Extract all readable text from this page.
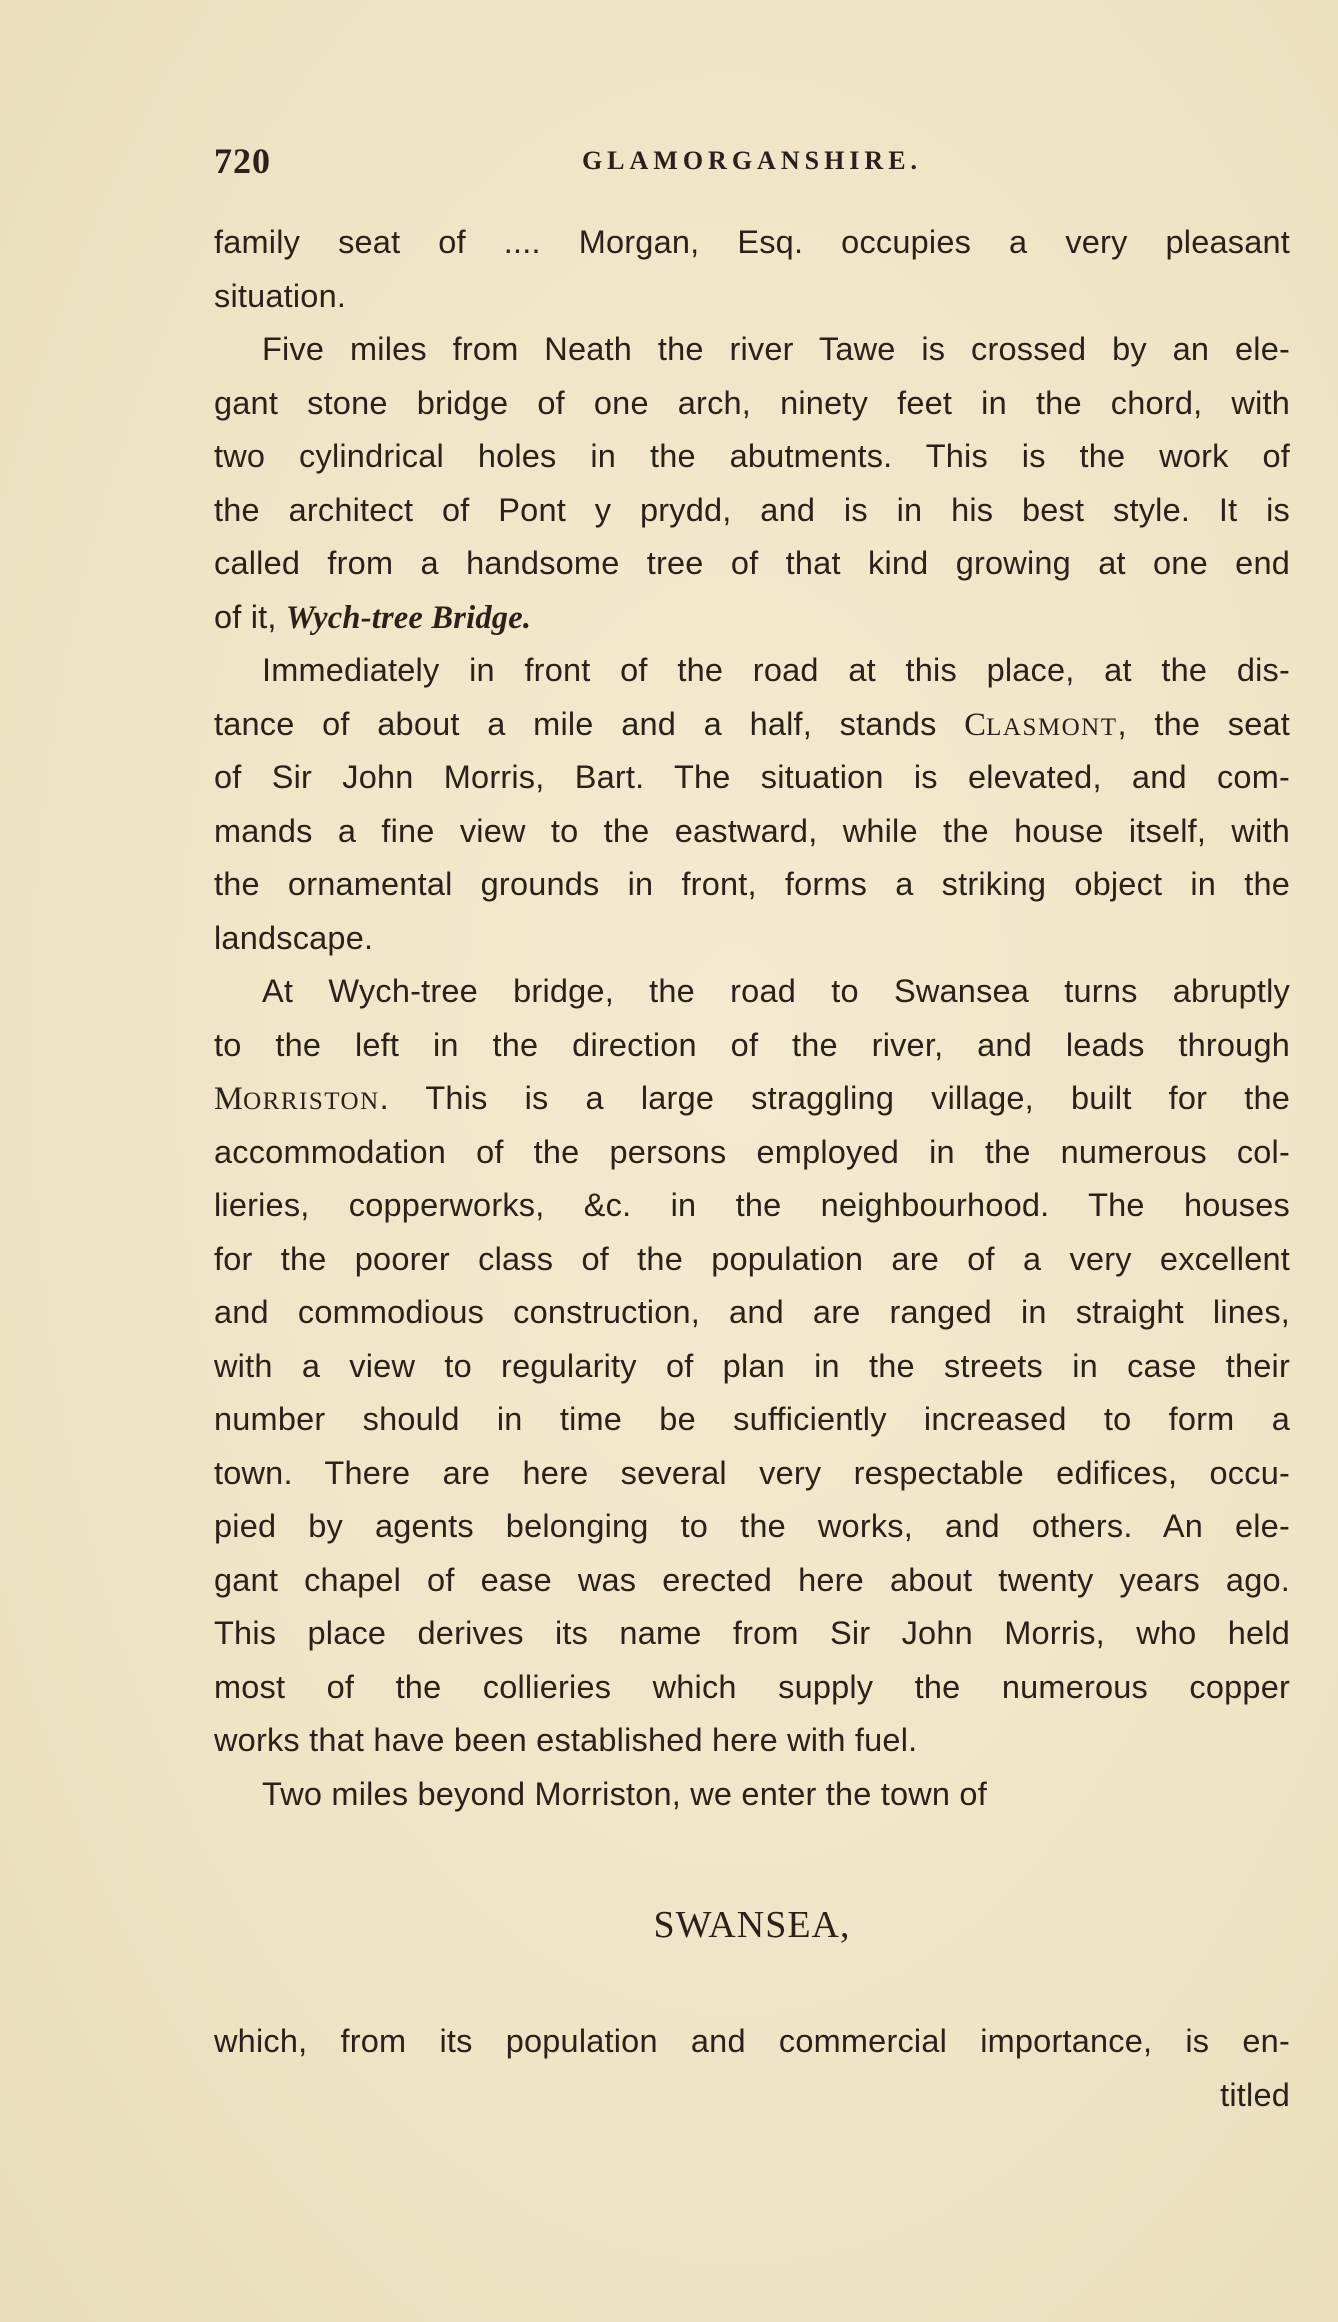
720	GLAMORGANSHIRE.
family seat of .... Morgan, Esq. occupies a very pleasant
situation.
Five miles from Neath the river Tawe is crossed by an ele-
gant stone bridge of one arch, ninety feet in the chord, with
two cylindrical holes in the abutments. This is the work of
the architect of Pont y prydd, and is in his best style. It is
called from a handsome tree of that kind growing at one end
of it, Wych-tree Bridge.
Immediately in front of the road at this place, at the dis-
tance of about a mile and a half, stands CLASMONT, the seat
of Sir John Morris, Bart. The situation is elevated, and com-
mands a fine view to the eastward, while the house itself, with
the ornamental grounds in front, forms a striking object in the
landscape.
At Wych-tree bridge, the road to Swansea turns abruptly
to the left in the direction of the river, and leads through
MORRISTON. This is a large straggling village, built for the
accommodation of the persons employed in the numerous col-
lieries, copperworks, &c. in the neighbourhood. The houses
for the poorer class of the population are of a very excellent
and commodious construction, and are ranged in straight lines,
with a view to regularity of plan in the streets in case their
number should in time be sufficiently increased to form a
town. There are here several very respectable edifices, occu-
pied by agents belonging to the works, and others. An ele-
gant chapel of ease was erected here about twenty years ago.
This place derives its name from Sir John Morris, who held
most of the collieries which supply the numerous copper
works that have been established here with fuel.
Two miles beyond Morriston, we enter the town of
SWANSEA,
which, from its population and commercial importance, is en-
titled
